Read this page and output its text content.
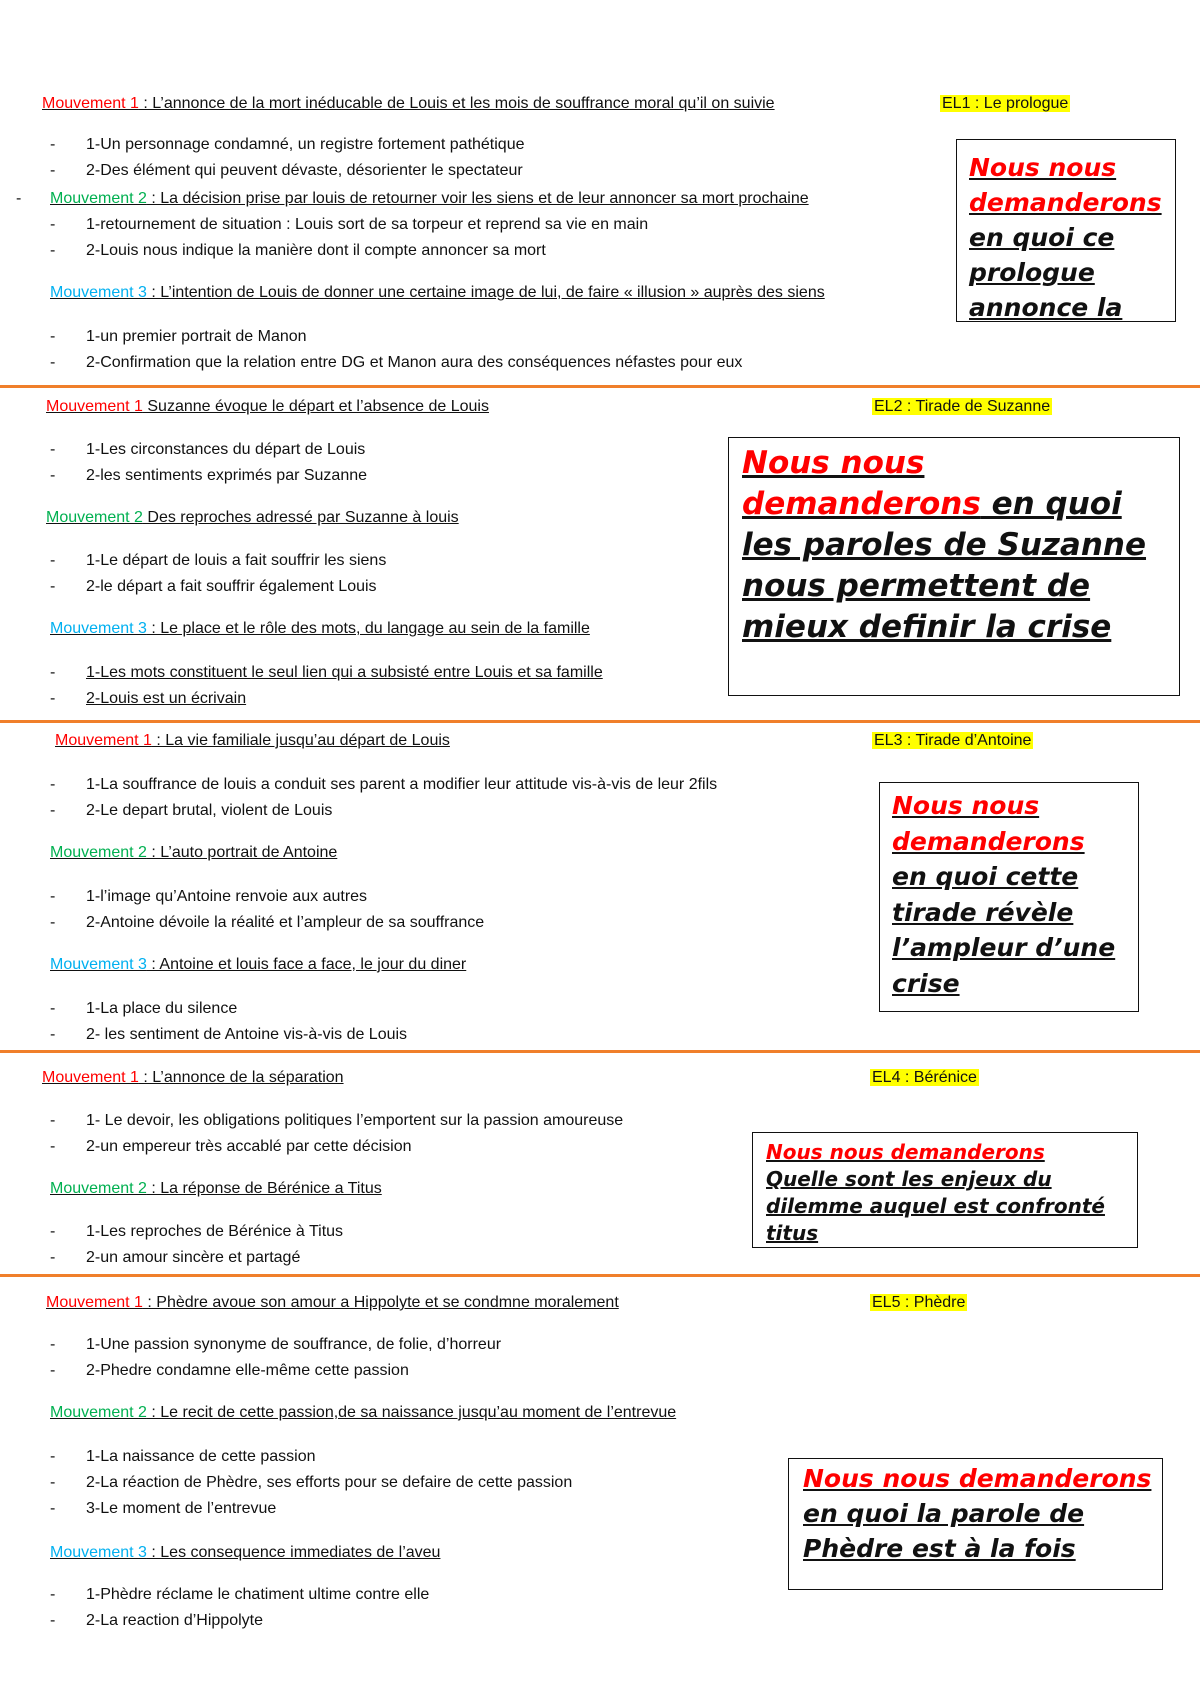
Mouvement 1 : L’annonce de la mort inéducable de Louis et les mois de souffrance moral qu’il on suivie	EL1 : Le prologue
- 1-Un personnage condamné, un registre fortement pathétique
- 2-Des élément qui peuvent dévaste, désorienter le spectateur
- Mouvement 2 : La décision prise par louis de retourner voir les siens et de leur annoncer sa mort prochaine
- 1-retournement de situation : Louis sort de sa torpeur et reprend sa vie en main
- 2-Louis nous indique la manière dont il compte annoncer sa mort
Mouvement 3 : L’intention de Louis de donner une certaine image de lui, de faire « illusion » auprès des siens
- 1-un premier portrait de Manon
- 2-Confirmation que la relation entre DG et Manon aura des conséquences néfastes pour eux
Nous nous demanderons en quoi ce prologue annonce la
Mouvement 1 Suzanne évoque le départ et l’absence de Louis	EL2 : Tirade de Suzanne
- 1-Les circonstances du départ de Louis
- 2-les sentiments exprimés par Suzanne
Mouvement 2 Des reproches adressé par Suzanne à louis
- 1-Le départ de louis a fait souffrir les siens
- 2-le départ a fait souffrir également Louis
Mouvement 3 : Le place et le rôle des mots, du langage au sein de la famille
- 1-Les mots constituent le seul lien qui a subsisté entre Louis et sa famille
- 2-Louis est un écrivain
Nous nous demanderons en quoi les paroles de Suzanne nous permettent de mieux definir la crise
Mouvement 1 : La vie familiale jusqu’au départ de Louis	EL3 : Tirade d’Antoine
- 1-La souffrance de louis a conduit ses parent a modifier leur attitude vis-à-vis de leur 2fils
- 2-Le depart brutal, violent de Louis
Mouvement 2 : L’auto portrait de Antoine
- 1-l’image qu’Antoine renvoie aux autres
- 2-Antoine dévoile la réalité et l’ampleur de sa souffrance
Mouvement 3 : Antoine et louis face a face, le jour du diner
- 1-La place du silence
- 2- les sentiment de Antoine vis-à-vis de Louis
Nous nous demanderons en quoi cette tirade révèle l’ampleur d’une crise
Mouvement 1 : L’annonce de la séparation	EL4 : Bérénice
- 1- Le devoir, les obligations politiques l’emportent sur la passion amoureuse
- 2-un empereur très accablé par cette décision
Mouvement 2 : La réponse de Bérénice a Titus
- 1-Les reproches de Bérénice à Titus
- 2-un amour sincère et partagé
Nous nous demanderons Quelle sont les enjeux du dilemme auquel est confronté titus
Mouvement 1 : Phèdre avoue son amour a Hippolyte et se condmne moralement	EL5 : Phèdre
- 1-Une passion synonyme de souffrance, de folie, d’horreur
- 2-Phedre condamne elle-même cette passion
Mouvement 2 : Le recit de cette passion,de sa naissance jusqu’au moment de l’entrevue
- 1-La naissance de cette passion
- 2-La réaction de Phèdre, ses efforts pour se defaire de cette passion
- 3-Le moment de l’entrevue
Mouvement 3 : Les consequence immediates de l’aveu
- 1-Phèdre réclame le chatiment ultime contre elle
- 2-La reaction d’Hippolyte
Nous nous demanderons en quoi la parole de Phèdre est à la fois
